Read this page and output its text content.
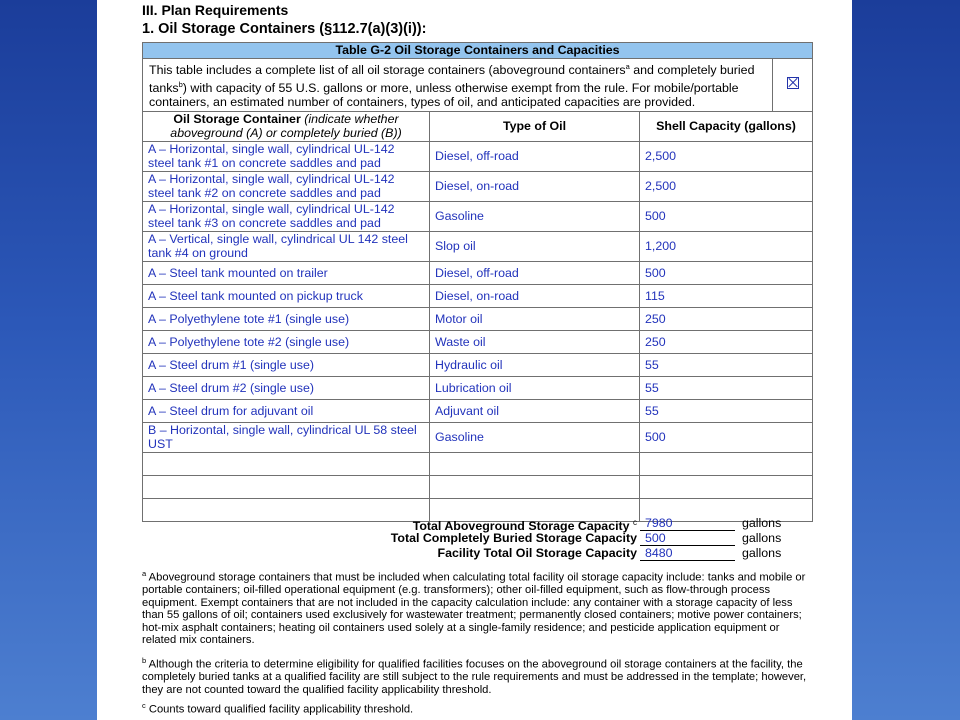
III. Plan Requirements
1. Oil Storage Containers (§112.7(a)(3)(i)):
Table G-2 Oil Storage Containers and Capacities			
This table includes a complete list of all oil storage containers (aboveground containers$^a$ and completely buried tanks$^b$) with capacity of 55 U.S. gallons or more, unless otherwise exempt from the rule. For mobile/portable containers, an estimated number of containers, types of oil, and anticipated capacities are provided.			
Oil Storage Container (indicate whether aboveground (A) or completely buried (B))	Type of Oil	Shell Capacity (gallons)	
A – Horizontal, single wall, cylindrical UL-142 steel tank #1 on concrete saddles and pad	Diesel, off-road	2,500	
A – Horizontal, single wall, cylindrical UL-142 steel tank #2 on concrete saddles and pad	Diesel, on-road	2,500	
A – Horizontal, single wall, cylindrical UL-142 steel tank #3 on concrete saddles and pad	Gasoline	500	
A – Vertical, single wall, cylindrical UL 142 steel tank #4 on ground	Slop oil	1,200	
A – Steel tank mounted on trailer	Diesel, off-road	500	
A – Steel tank mounted on pickup truck	Diesel, on-road	115	
A – Polyethylene tote #1 (single use)	Motor oil	250	
A – Polyethylene tote #2 (single use)	Waste oil	250	
A – Steel drum #1 (single use)	Hydraulic oil	55	
A – Steel drum #2 (single use)	Lubrication oil	55	
A – Steel drum for adjuvant oil	Adjuvant oil	55	
B – Horizontal, single wall, cylindrical UL 58 steel UST	Gasoline	500	

Total Aboveground Storage Capacity $^c$ 7980	gallons
Total Completely Buried Storage Capacity 500	gallons
Facility Total Oil Storage Capacity 8480	gallons

$^a$ Aboveground storage containers that must be included when calculating total facility oil storage capacity include: tanks and mobile or portable containers; oil-filled operational equipment (e.g. transformers); other oil-filled equipment, such as flow-through process equipment. Exempt containers that are not included in the capacity calculation include: any container with a storage capacity of less than 55 gallons of oil; containers used exclusively for wastewater treatment; permanently closed containers; motive power containers; hot-mix asphalt containers; heating oil containers used solely at a single-family residence; and pesticide application equipment or related mix containers.

$^b$ Although the criteria to determine eligibility for qualified facilities focuses on the aboveground oil storage containers at the facility, the completely buried tanks at a qualified facility are still subject to the rule requirements and must be addressed in the template; however, they are not counted toward the qualified facility applicability threshold.

$^c$ Counts toward qualified facility applicability threshold.
